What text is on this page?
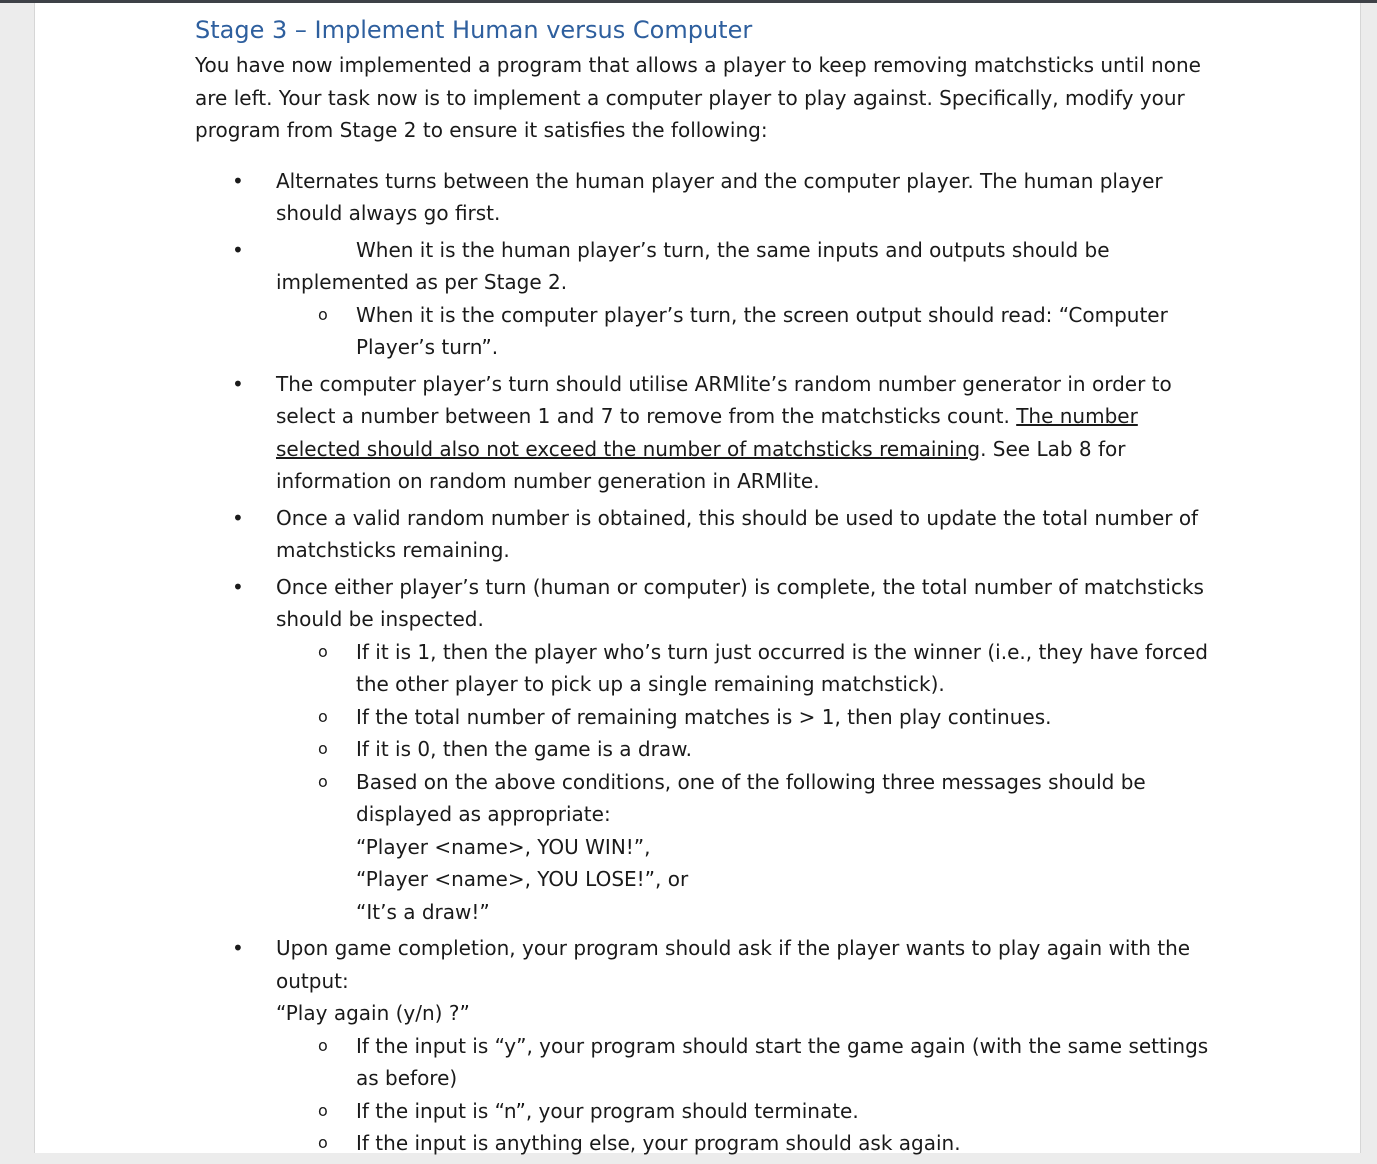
Stage 3 – Implement Human versus Computer

You have now implemented a program that allows a player to keep removing matchsticks until none are left. Your task now is to implement a computer player to play against. Specifically, modify your program from Stage 2 to ensure it satisfies the following:

• Alternates turns between the human player and the computer player. The human player should always go first.
• When it is the human player’s turn, the same inputs and outputs should be implemented as per Stage 2.
o When it is the computer player’s turn, the screen output should read: “Computer Player’s turn”.
• The computer player’s turn should utilise ARMlite’s random number generator in order to select a number between 1 and 7 to remove from the matchsticks count. The number selected should also not exceed the number of matchsticks remaining. See Lab 8 for information on random number generation in ARMlite.
• Once a valid random number is obtained, this should be used to update the total number of matchsticks remaining.
• Once either player’s turn (human or computer) is complete, the total number of matchsticks should be inspected.
o If it is 1, then the player who’s turn just occurred is the winner (i.e., they have forced the other player to pick up a single remaining matchstick).
o If the total number of remaining matches is > 1, then play continues.
o If it is 0, then the game is a draw.
o Based on the above conditions, one of the following three messages should be displayed as appropriate:
“Player <name>, YOU WIN!”,
“Player <name>, YOU LOSE!”, or
“It’s a draw!”
• Upon game completion, your program should ask if the player wants to play again with the output:
“Play again (y/n) ?”
o If the input is “y”, your program should start the game again (with the same settings as before)
o If the input is “n”, your program should terminate.
o If the input is anything else, your program should ask again.
